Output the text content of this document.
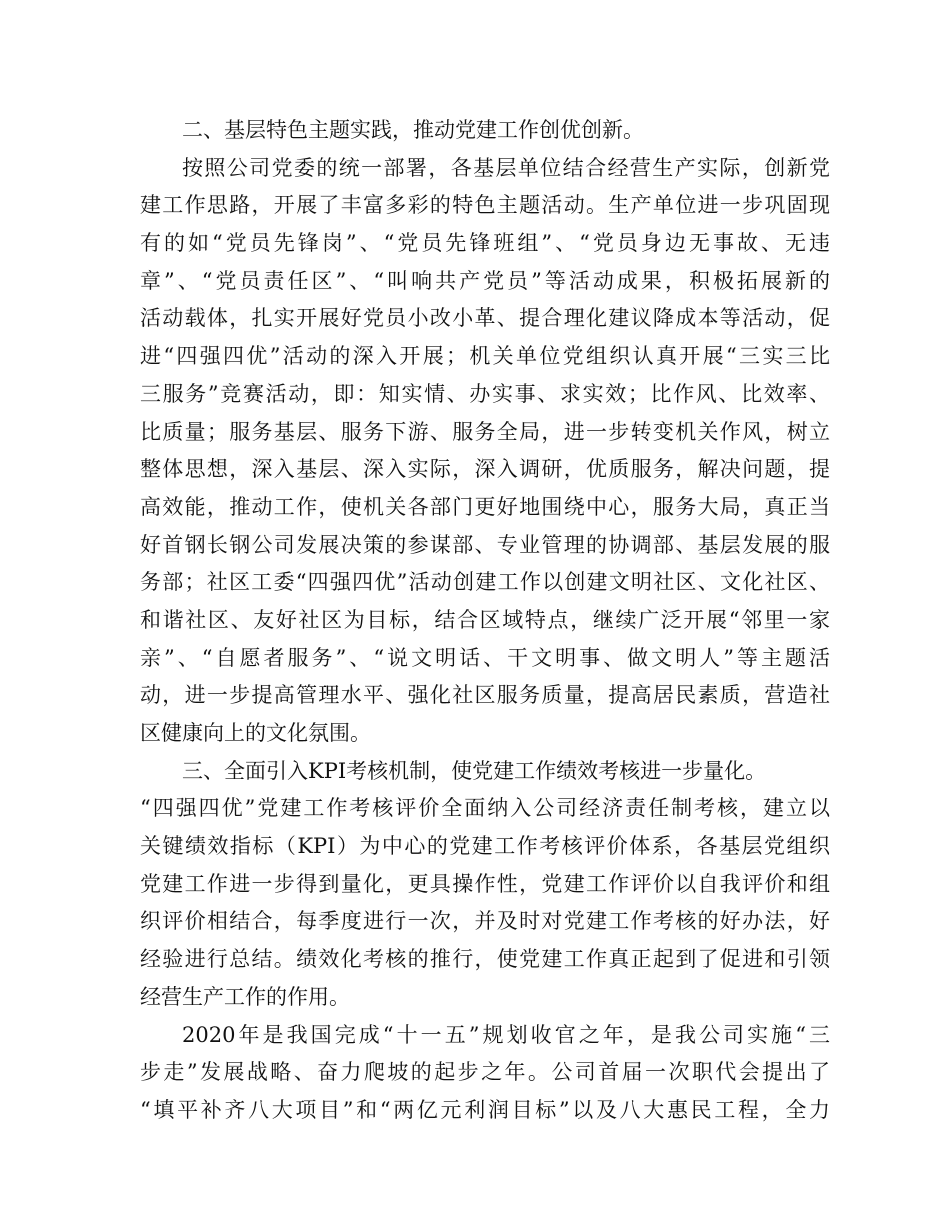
二、基层特色主题实践，推动党建工作创优创新。
按照公司党委的统一部署，各基层单位结合经营生产实际，创新党
建工作思路，开展了丰富多彩的特色主题活动。生产单位进一步巩固现
有的如“党员先锋岗”、“党员先锋班组”、“党员身边无事故、无违
章”、“党员责任区”、“叫响共产党员”等活动成果，积极拓展新的
活动载体，扎实开展好党员小改小革、提合理化建议降成本等活动，促
进“四强四优”活动的深入开展；机关单位党组织认真开展“三实三比
三服务”竞赛活动，即：知实情、办实事、求实效；比作风、比效率、
比质量；服务基层、服务下游、服务全局，进一步转变机关作风，树立
整体思想，深入基层、深入实际，深入调研，优质服务，解决问题，提
高效能，推动工作，使机关各部门更好地围绕中心，服务大局，真正当
好首钢长钢公司发展决策的参谋部、专业管理的协调部、基层发展的服
务部；社区工委“四强四优”活动创建工作以创建文明社区、文化社区、
和谐社区、友好社区为目标，结合区域特点，继续广泛开展“邻里一家
亲”、“自愿者服务”、“说文明话、干文明事、做文明人”等主题活
动，进一步提高管理水平、强化社区服务质量，提高居民素质，营造社
区健康向上的文化氛围。
三、全面引入KPI考核机制，使党建工作绩效考核进一步量化。
“四强四优”党建工作考核评价全面纳入公司经济责任制考核，建立以
关键绩效指标（KPI）为中心的党建工作考核评价体系，各基层党组织
党建工作进一步得到量化，更具操作性，党建工作评价以自我评价和组
织评价相结合，每季度进行一次，并及时对党建工作考核的好办法，好
经验进行总结。绩效化考核的推行，使党建工作真正起到了促进和引领
经营生产工作的作用。
2020年是我国完成“十一五”规划收官之年，是我公司实施“三
步走”发展战略、奋力爬坡的起步之年。公司首届一次职代会提出了
“填平补齐八大项目”和“两亿元利润目标”以及八大惠民工程，全力
